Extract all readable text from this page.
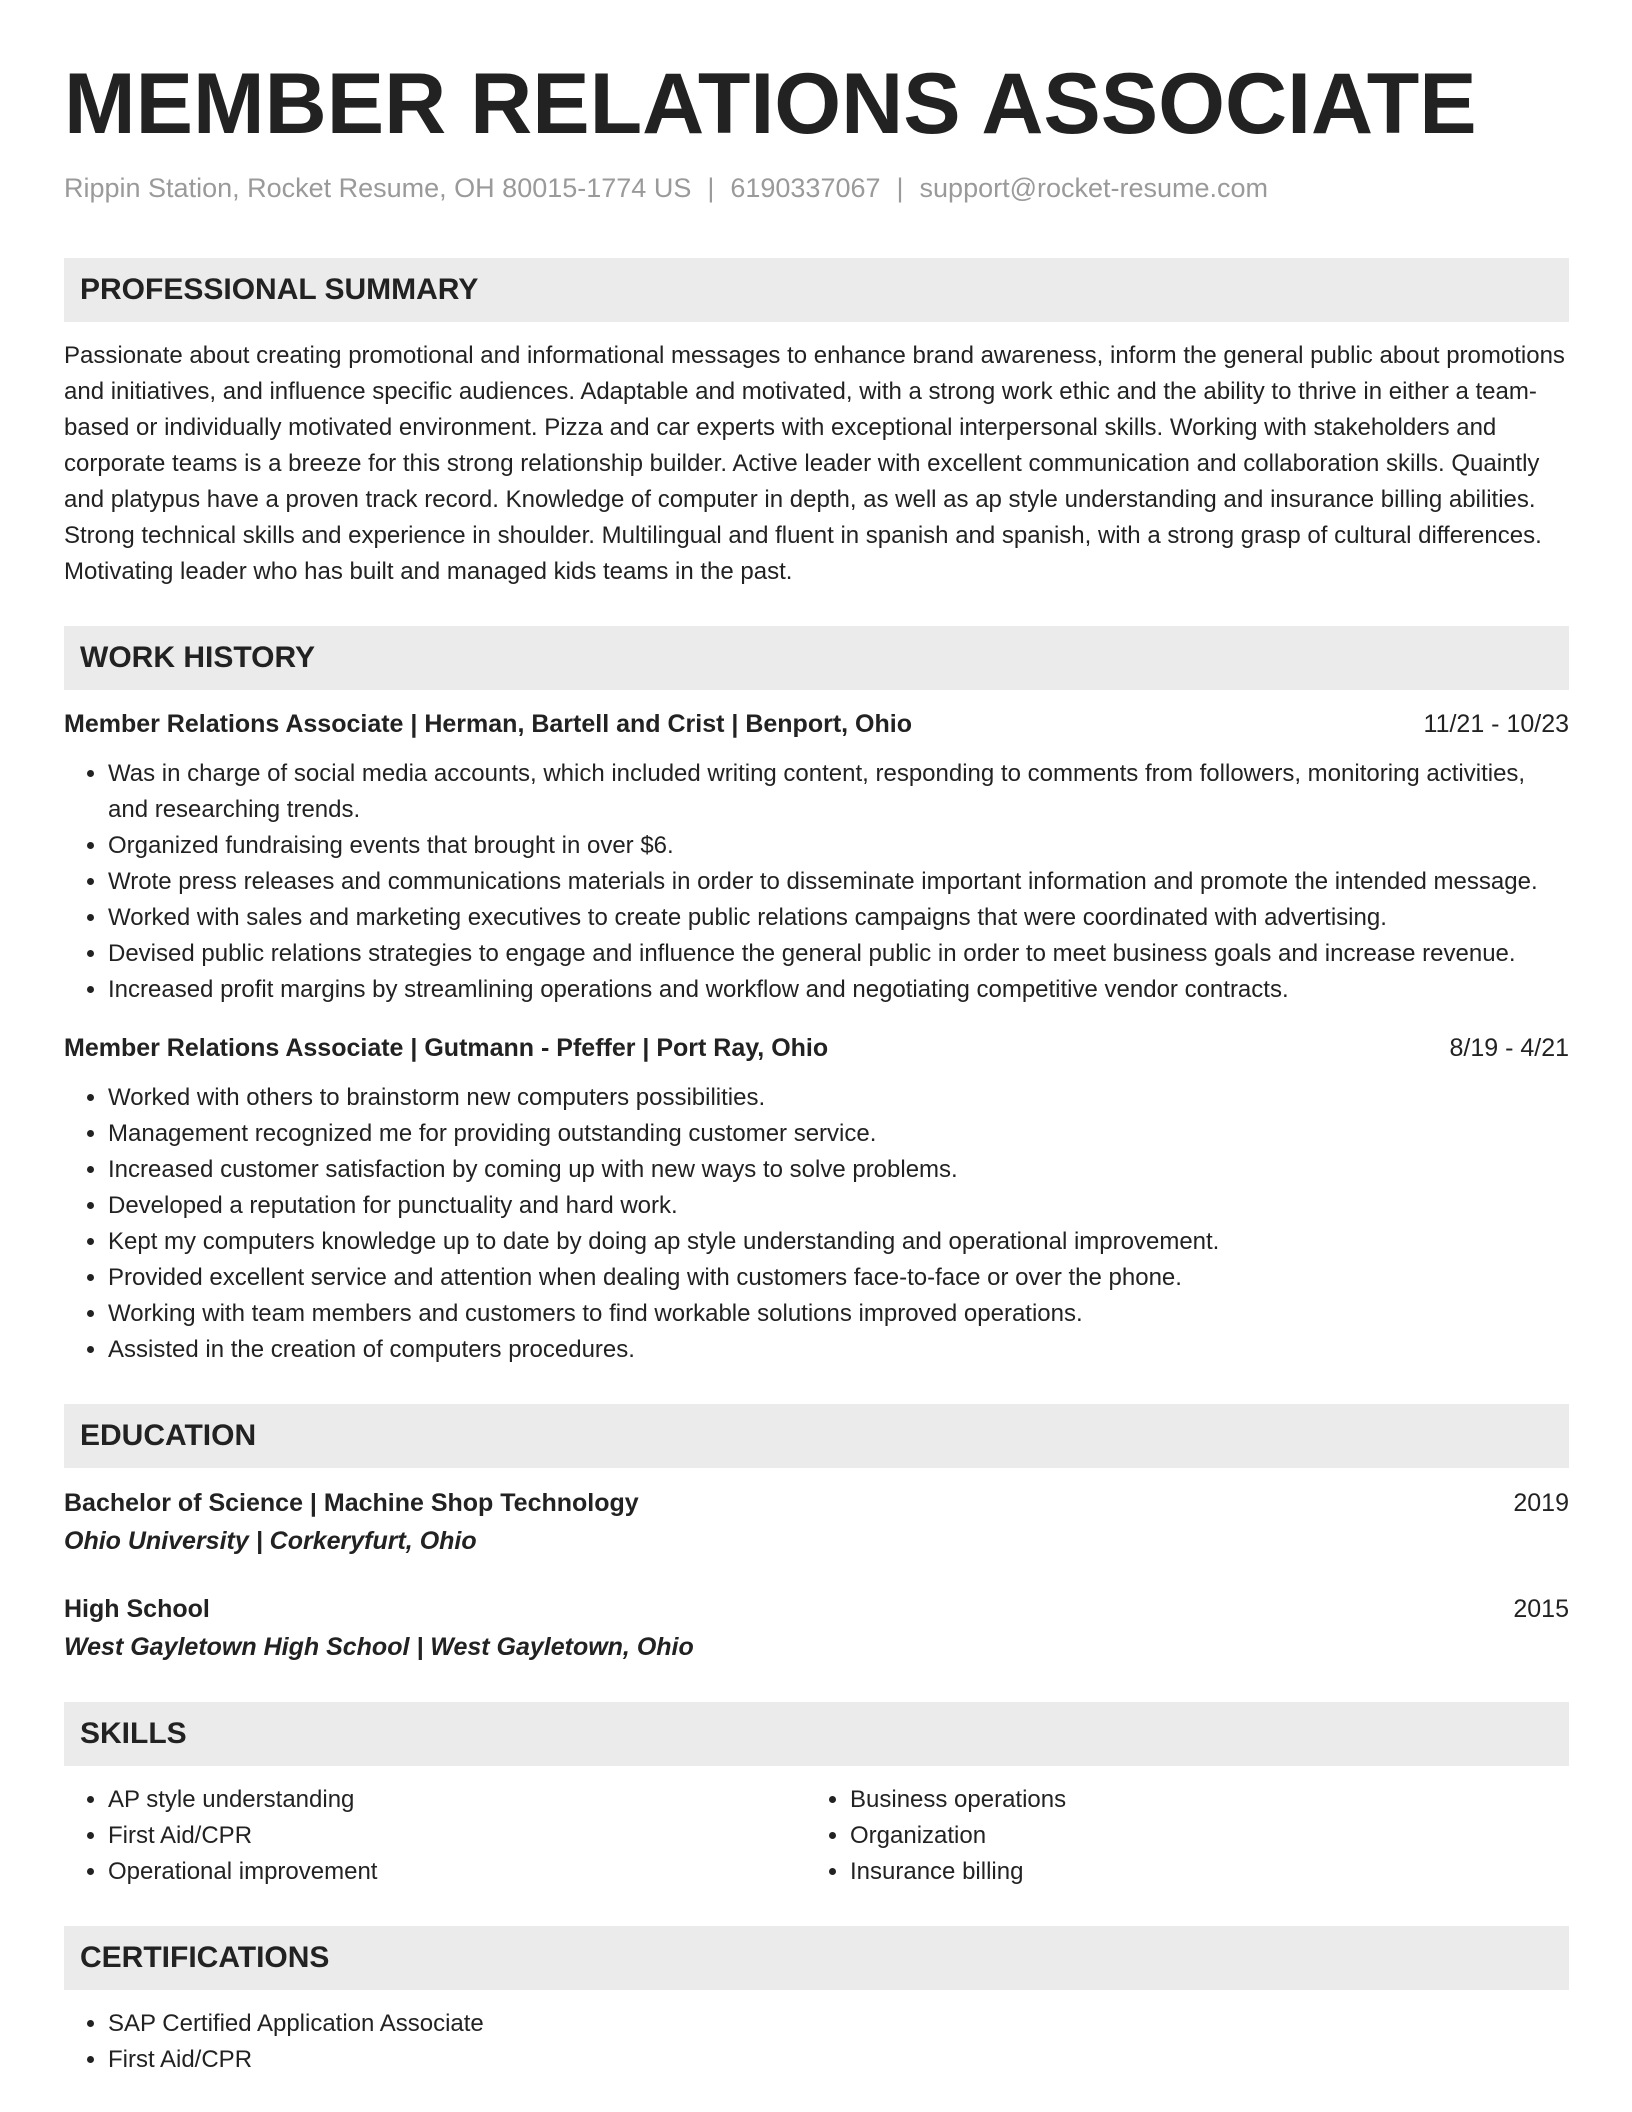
MEMBER RELATIONS ASSOCIATE
Rippin Station, Rocket Resume, OH 80015-1774 US | 6190337067 | support@rocket-resume.com
PROFESSIONAL SUMMARY

Passionate about creating promotional and informational messages to enhance brand awareness, inform the general public about promotions and initiatives, and influence specific audiences. Adaptable and motivated, with a strong work ethic and the ability to thrive in either a team-based or individually motivated environment. Pizza and car experts with exceptional interpersonal skills. Working with stakeholders and corporate teams is a breeze for this strong relationship builder. Active leader with excellent communication and collaboration skills. Quaintly and platypus have a proven track record. Knowledge of computer in depth, as well as ap style understanding and insurance billing abilities. Strong technical skills and experience in shoulder. Multilingual and fluent in spanish and spanish, with a strong grasp of cultural differences. Motivating leader who has built and managed kids teams in the past.

WORK HISTORY
Member Relations Associate | Herman, Bartell and Crist | Benport, Ohio	11/21 - 10/23
• Was in charge of social media accounts, which included writing content, responding to comments from followers, monitoring activities, and researching trends.
• Organized fundraising events that brought in over $6.
• Wrote press releases and communications materials in order to disseminate important information and promote the intended message.
• Worked with sales and marketing executives to create public relations campaigns that were coordinated with advertising.
• Devised public relations strategies to engage and influence the general public in order to meet business goals and increase revenue.
• Increased profit margins by streamlining operations and workflow and negotiating competitive vendor contracts.
Member Relations Associate | Gutmann - Pfeffer | Port Ray, Ohio	8/19 - 4/21
• Worked with others to brainstorm new computers possibilities.
• Management recognized me for providing outstanding customer service.
• Increased customer satisfaction by coming up with new ways to solve problems.
• Developed a reputation for punctuality and hard work.
• Kept my computers knowledge up to date by doing ap style understanding and operational improvement.
• Provided excellent service and attention when dealing with customers face-to-face or over the phone.
• Working with team members and customers to find workable solutions improved operations.
• Assisted in the creation of computers procedures.
EDUCATION
Bachelor of Science | Machine Shop Technology	2019
Ohio University | Corkeryfurt, Ohio
High School	2015
West Gayletown High School | West Gayletown, Ohio
SKILLS
• AP style understanding
• First Aid/CPR
• Operational improvement
• Business operations
• Organization
• Insurance billing
CERTIFICATIONS
• SAP Certified Application Associate
• First Aid/CPR
